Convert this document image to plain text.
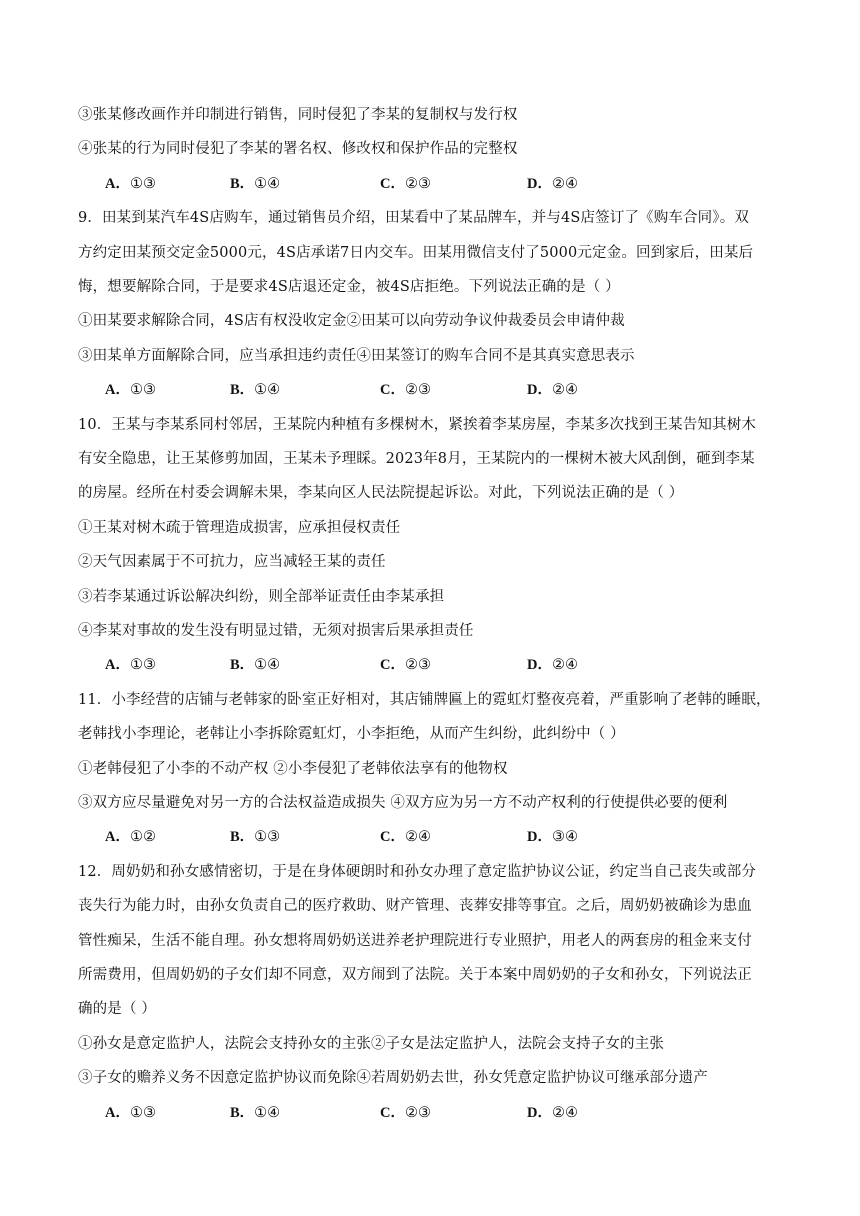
③张某修改画作并印制进行销售，同时侵犯了李某的复制权与发行权
④张某的行为同时侵犯了李某的署名权、修改权和保护作品的完整权
A．①③	B．①④	C．②③	D．②④
9．田某到某汽车4S店购车，通过销售员介绍，田某看中了某品牌车，并与4S店签订了《购车合同》。双
方约定田某预交定金5000元，4S店承诺7日内交车。田某用微信支付了5000元定金。回到家后，田某后
悔，想要解除合同，于是要求4S店退还定金，被4S店拒绝。下列说法正确的是（ ）
①田某要求解除合同，4S店有权没收定金②田某可以向劳动争议仲裁委员会申请仲裁
③田某单方面解除合同，应当承担违约责任④田某签订的购车合同不是其真实意思表示
A．①③	B．①④	C．②③	D．②④
10．王某与李某系同村邻居，王某院内种植有多棵树木，紧挨着李某房屋，李某多次找到王某告知其树木
有安全隐患，让王某修剪加固，王某未予理睬。2023年8月，王某院内的一棵树木被大风刮倒，砸到李某
的房屋。经所在村委会调解未果，李某向区人民法院提起诉讼。对此，下列说法正确的是（ ）
①王某对树木疏于管理造成损害，应承担侵权责任
②天气因素属于不可抗力，应当减轻王某的责任
③若李某通过诉讼解决纠纷，则全部举证责任由李某承担
④李某对事故的发生没有明显过错，无须对损害后果承担责任
A．①③	B．①④	C．②③	D．②④
11．小李经营的店铺与老韩家的卧室正好相对，其店铺牌匾上的霓虹灯整夜亮着，严重影响了老韩的睡眠，
老韩找小李理论，老韩让小李拆除霓虹灯，小李拒绝，从而产生纠纷，此纠纷中（ ）
①老韩侵犯了小李的不动产权 ②小李侵犯了老韩依法享有的他物权
③双方应尽量避免对另一方的合法权益造成损失 ④双方应为另一方不动产权利的行使提供必要的便利
A．①②	B．①③	C．②④	D．③④
12．周奶奶和孙女感情密切，于是在身体硬朗时和孙女办理了意定监护协议公证，约定当自己丧失或部分
丧失行为能力时，由孙女负责自己的医疗救助、财产管理、丧葬安排等事宜。之后，周奶奶被确诊为患血
管性痴呆，生活不能自理。孙女想将周奶奶送进养老护理院进行专业照护，用老人的两套房的租金来支付
所需费用，但周奶奶的子女们却不同意，双方闹到了法院。关于本案中周奶奶的子女和孙女，下列说法正
确的是（ ）
①孙女是意定监护人，法院会支持孙女的主张②子女是法定监护人，法院会支持子女的主张
③子女的赡养义务不因意定监护协议而免除④若周奶奶去世，孙女凭意定监护协议可继承部分遗产
A．①③	B．①④	C．②③	D．②④
